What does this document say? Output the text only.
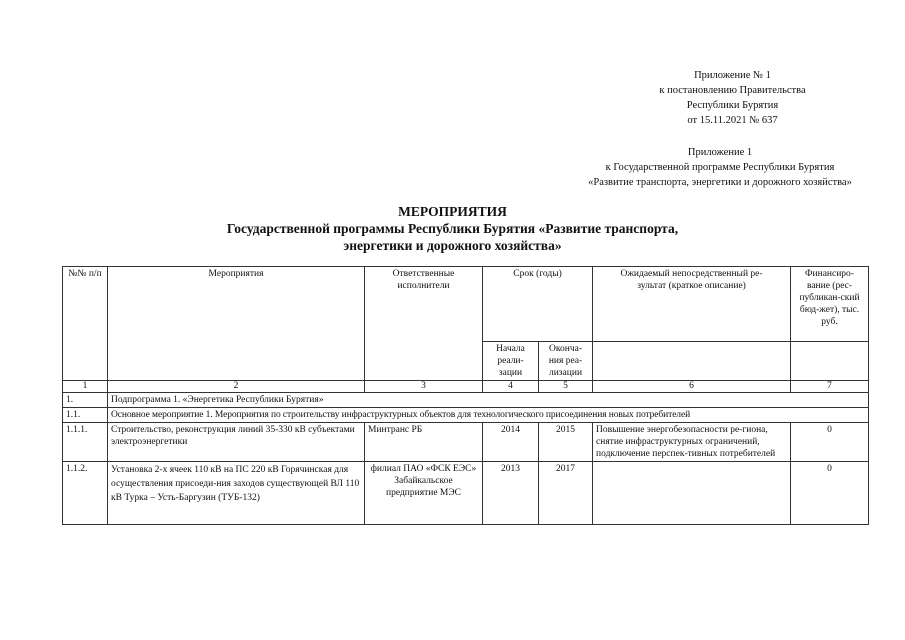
Приложение № 1
к постановлению Правительства
Республики Бурятия
от 15.11.2021 № 637
Приложение 1
к Государственной программе Республики Бурятия
«Развитие транспорта, энергетики и дорожного хозяйства»
МЕРОПРИЯТИЯ
Государственной программы Республики Бурятия «Развитие транспорта,
энергетики и дорожного хозяйства»
№№ п/п	Мероприятия	Ответственные исполнители	Срок (годы)		Ожидаемый непосредственный ре-зультат (краткое описание)	Финансиро-вание (рес-публикан-ский бюд-жет), тыс. руб.
			Начала реали-зации	Оконча-ния реа-лизации		
1	2	3	4	5	6	7
1.	Подпрограмма 1. «Энергетика Республики Бурятия»					
1.1.	Основное мероприятие 1. Мероприятия по строительству инфраструктурных объектов для технологического присоединения новых потребителей					
1.1.1.	Строительство, реконструкция линий 35-330 кВ субъектами электроэнергетики	Минтранс РБ	2014	2015	Повышение энергобезопасности ре-гиона, снятие инфраструктурных ограничений, подключение перспек-тивных потребителей	0
1.1.2.	Установка 2-х ячеек 110 кВ на ПС 220 кВ Горячинская для осуществления присоеди-ния заходов существующей ВЛ 110 кВ Турка – Усть-Баргузин (ТУБ-132)	филиал ПАО «ФСК ЕЭС» Забайкальское предприятие МЭС	2013	2017		0
